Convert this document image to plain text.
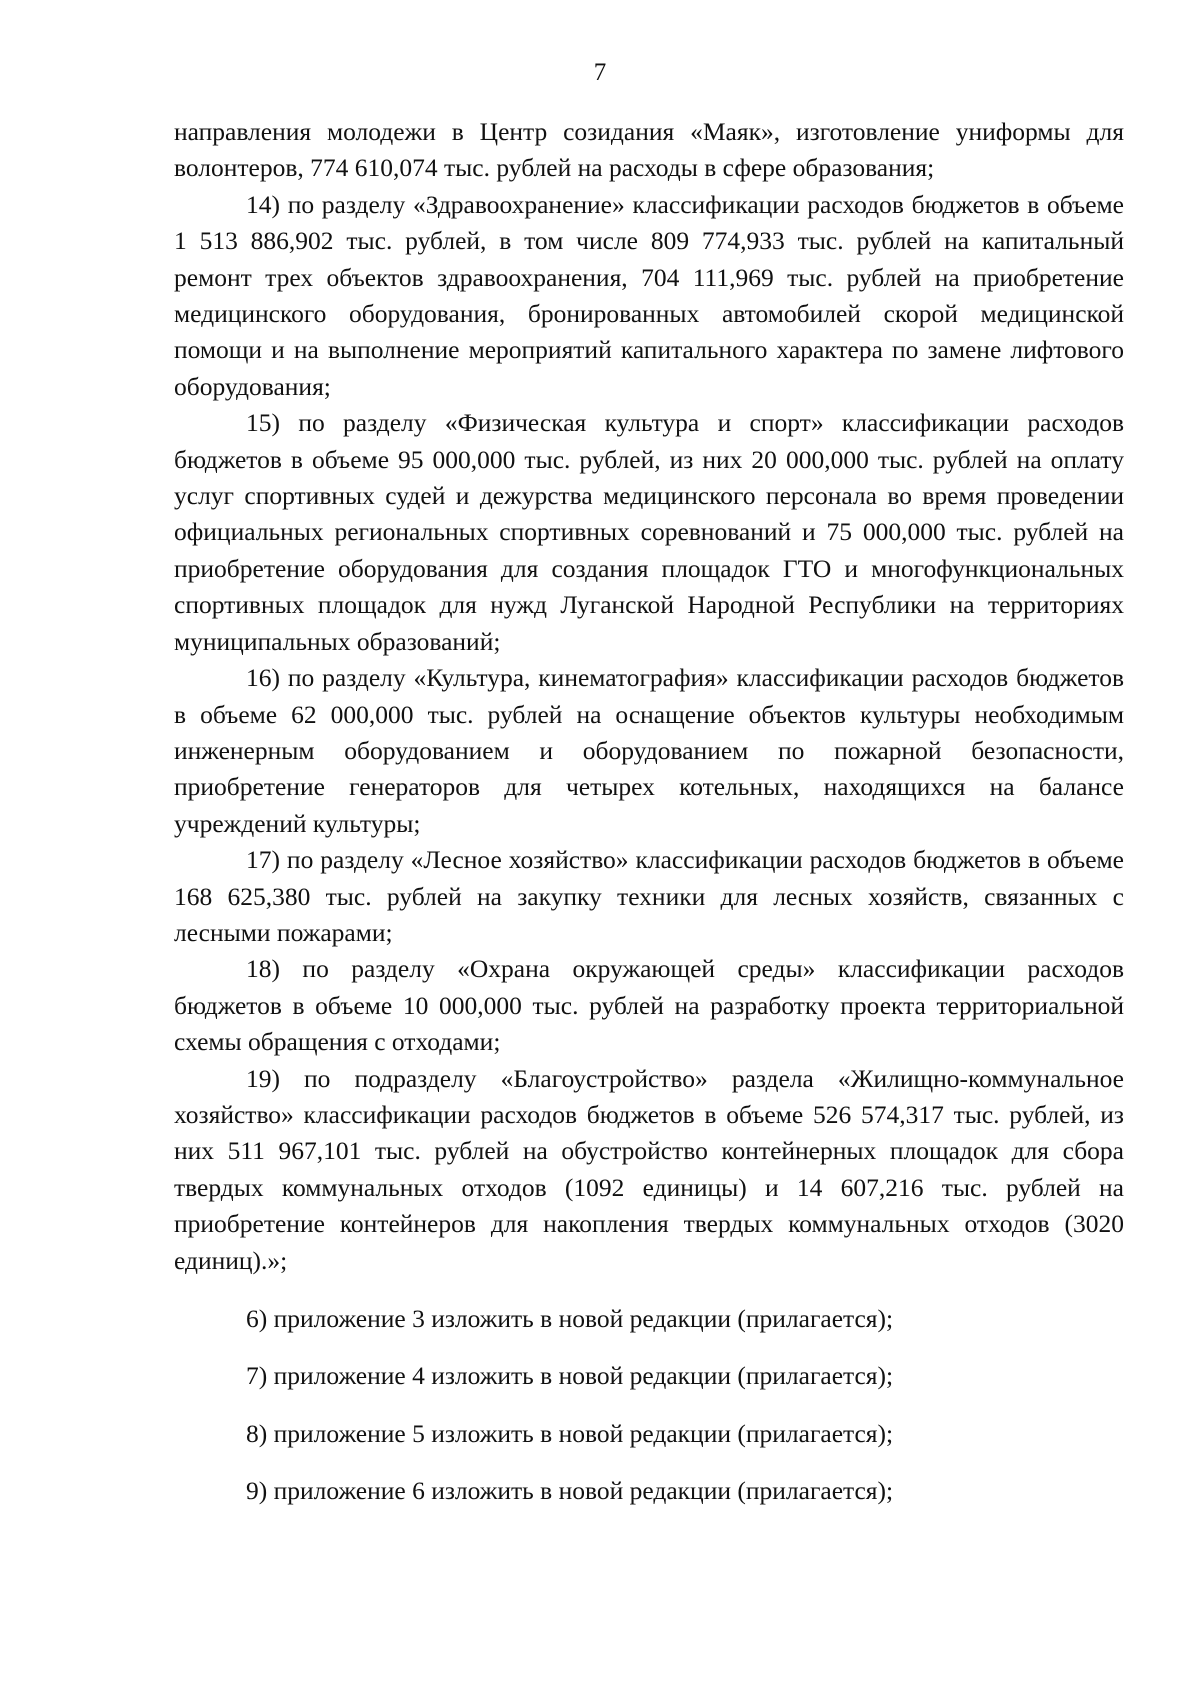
7

направления молодежи в Центр созидания «Маяк», изготовление униформы для волонтеров, 774 610,074 тыс. рублей на расходы в сфере образования;

14) по разделу «Здравоохранение» классификации расходов бюджетов в объеме 1 513 886,902 тыс. рублей, в том числе 809 774,933 тыс. рублей на капитальный ремонт трех объектов здравоохранения, 704 111,969 тыс. рублей на приобретение медицинского оборудования, бронированных автомобилей скорой медицинской помощи и на выполнение мероприятий капитального характера по замене лифтового оборудования;

15) по разделу «Физическая культура и спорт» классификации расходов бюджетов в объеме 95 000,000 тыс. рублей, из них 20 000,000 тыс. рублей на оплату услуг спортивных судей и дежурства медицинского персонала во время проведении официальных региональных спортивных соревнований и 75 000,000 тыс. рублей на приобретение оборудования для создания площадок ГТО и многофункциональных спортивных площадок для нужд Луганской Народной Республики на территориях муниципальных образований;

16) по разделу «Культура, кинематография» классификации расходов бюджетов в объеме 62 000,000 тыс. рублей на оснащение объектов культуры необходимым инженерным оборудованием и оборудованием по пожарной безопасности, приобретение генераторов для четырех котельных, находящихся на балансе учреждений культуры;

17) по разделу «Лесное хозяйство» классификации расходов бюджетов в объеме 168 625,380 тыс. рублей на закупку техники для лесных хозяйств, связанных с лесными пожарами;

18) по разделу «Охрана окружающей среды» классификации расходов бюджетов в объеме 10 000,000 тыс. рублей на разработку проекта территориальной схемы обращения с отходами;

19) по подразделу «Благоустройство» раздела «Жилищно-коммунальное хозяйство» классификации расходов бюджетов в объеме 526 574,317 тыс. рублей, из них 511 967,101 тыс. рублей на обустройство контейнерных площадок для сбора твердых коммунальных отходов (1092 единицы) и 14 607,216 тыс. рублей на приобретение контейнеров для накопления твердых коммунальных отходов (3020 единиц).»;

6) приложение 3 изложить в новой редакции (прилагается);

7) приложение 4 изложить в новой редакции (прилагается);

8) приложение 5 изложить в новой редакции (прилагается);

9) приложение 6 изложить в новой редакции (прилагается);
